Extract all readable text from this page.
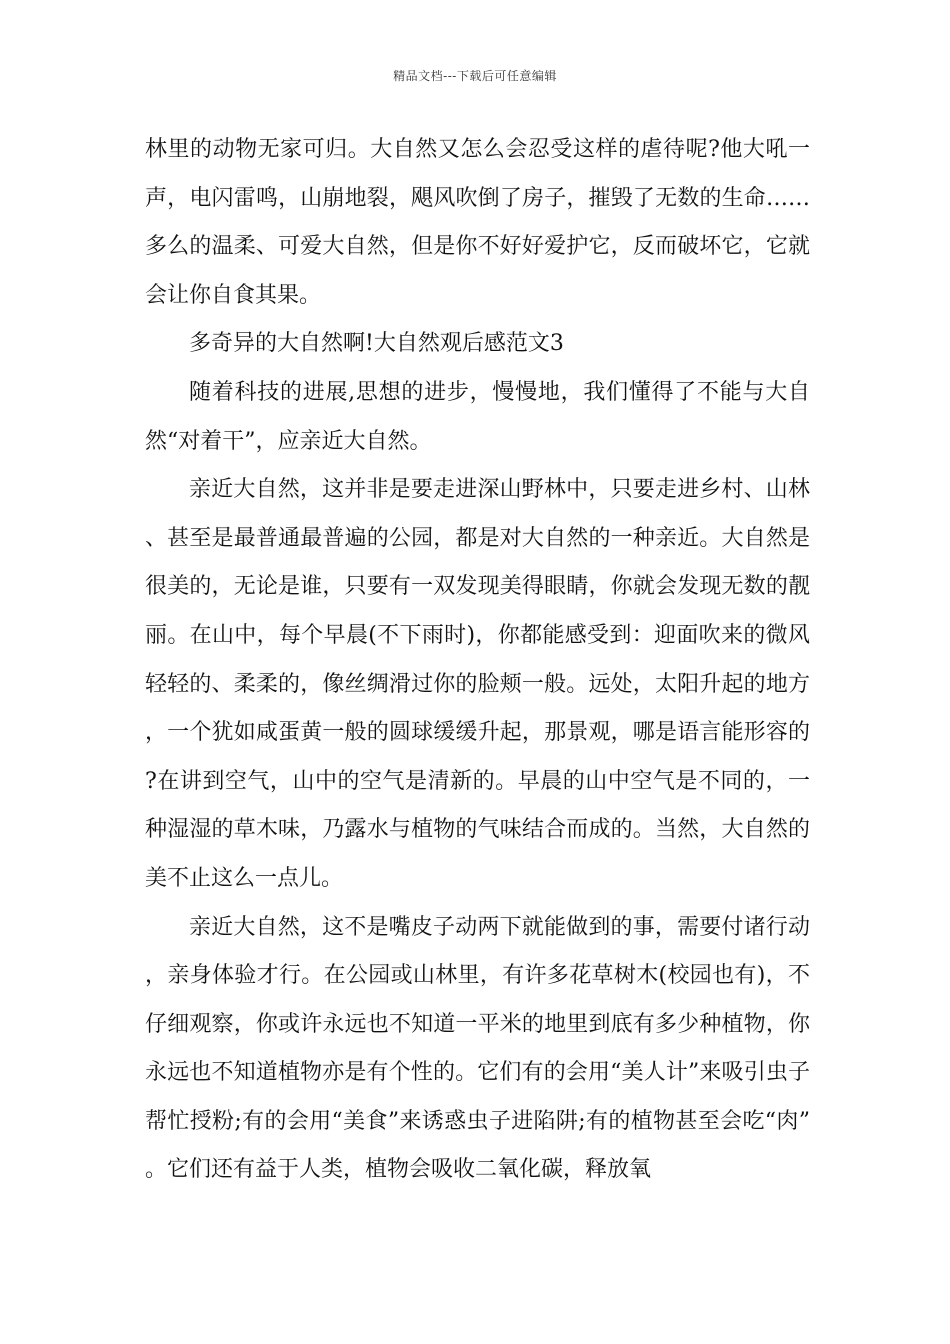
精品文档---下载后可任意编辑

林里的动物无家可归。大自然又怎么会忍受这样的虐待呢?他大吼一声，电闪雷鸣，山崩地裂，飓风吹倒了房子，摧毁了无数的生命……多么的温柔、可爱大自然，但是你不好好爱护它，反而破坏它，它就会让你自食其果。

多奇异的大自然啊!大自然观后感范文3

随着科技的进展,思想的进步，慢慢地，我们懂得了不能与大自然“对着干”，应亲近大自然。

亲近大自然，这并非是要走进深山野林中，只要走进乡村、山林、甚至是最普通最普遍的公园，都是对大自然的一种亲近。大自然是很美的，无论是谁，只要有一双发现美得眼睛，你就会发现无数的靓丽。在山中，每个早晨(不下雨时)，你都能感受到：迎面吹来的微风轻轻的、柔柔的，像丝绸滑过你的脸颊一般。远处，太阳升起的地方，一个犹如咸蛋黄一般的圆球缓缓升起，那景观，哪是语言能形容的?在讲到空气，山中的空气是清新的。早晨的山中空气是不同的，一种湿湿的草木味，乃露水与植物的气味结合而成的。当然，大自然的美不止这么一点儿。

亲近大自然，这不是嘴皮子动两下就能做到的事，需要付诸行动，亲身体验才行。在公园或山林里，有许多花草树木(校园也有)，不仔细观察，你或许永远也不知道一平米的地里到底有多少种植物，你永远也不知道植物亦是有个性的。它们有的会用“美人计”来吸引虫子帮忙授粉;有的会用“美食”来诱惑虫子进陷阱;有的植物甚至会吃“肉”。它们还有益于人类，植物会吸收二氧化碳，释放氧
